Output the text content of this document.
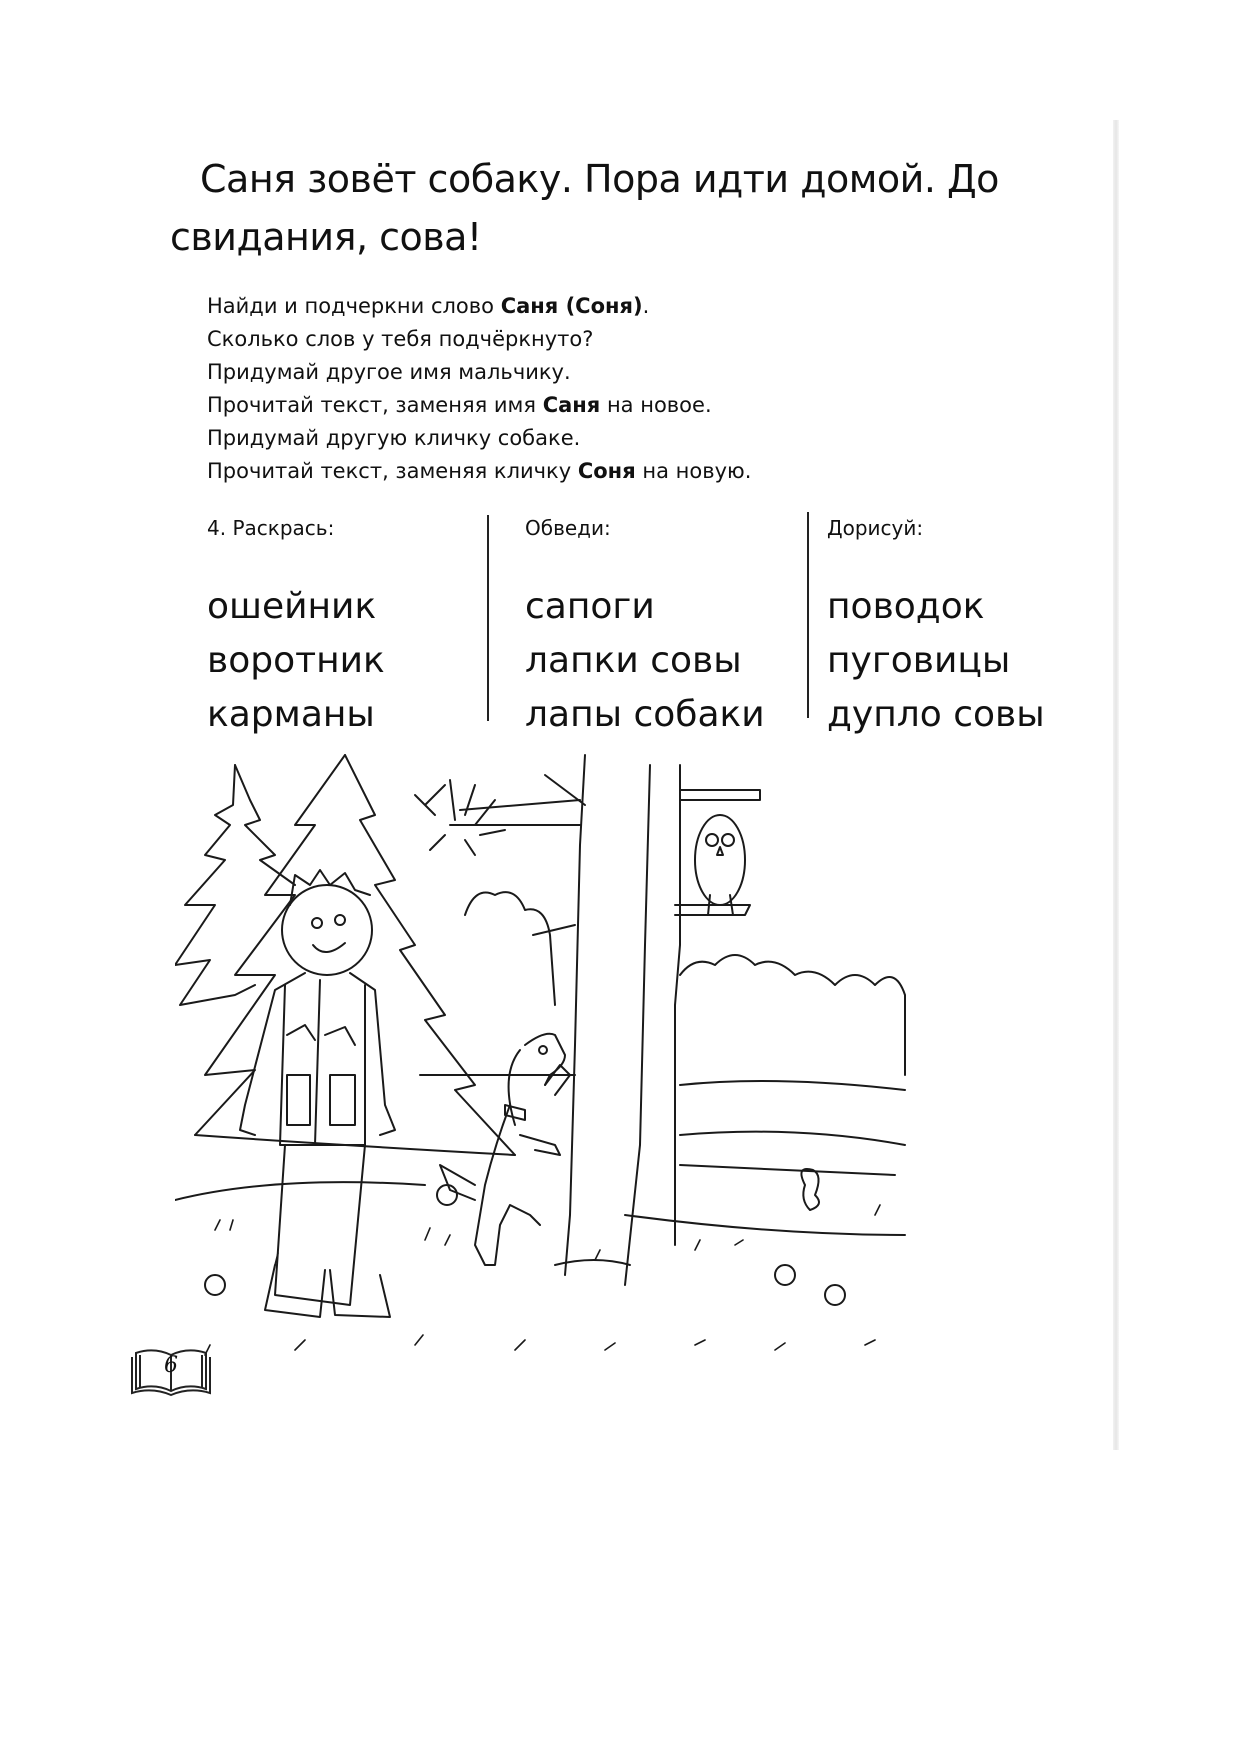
Саня зовёт собаку. Пора идти домой. До
свидания, сова!
Найди и подчеркни слово Саня (Соня).
Сколько слов у тебя подчёркнуто?
Придумай другое имя мальчику.
Прочитай текст, заменяя имя Саня на новое.
Придумай другую кличку собаке.
Прочитай текст, заменяя кличку Соня на новую.
4. Раскрась:
ошейник
воротник
карманы
Обведи:
сапоги
лапки совы
лапы собаки
Дорисуй:
поводок
пуговицы
дупло совы
6
